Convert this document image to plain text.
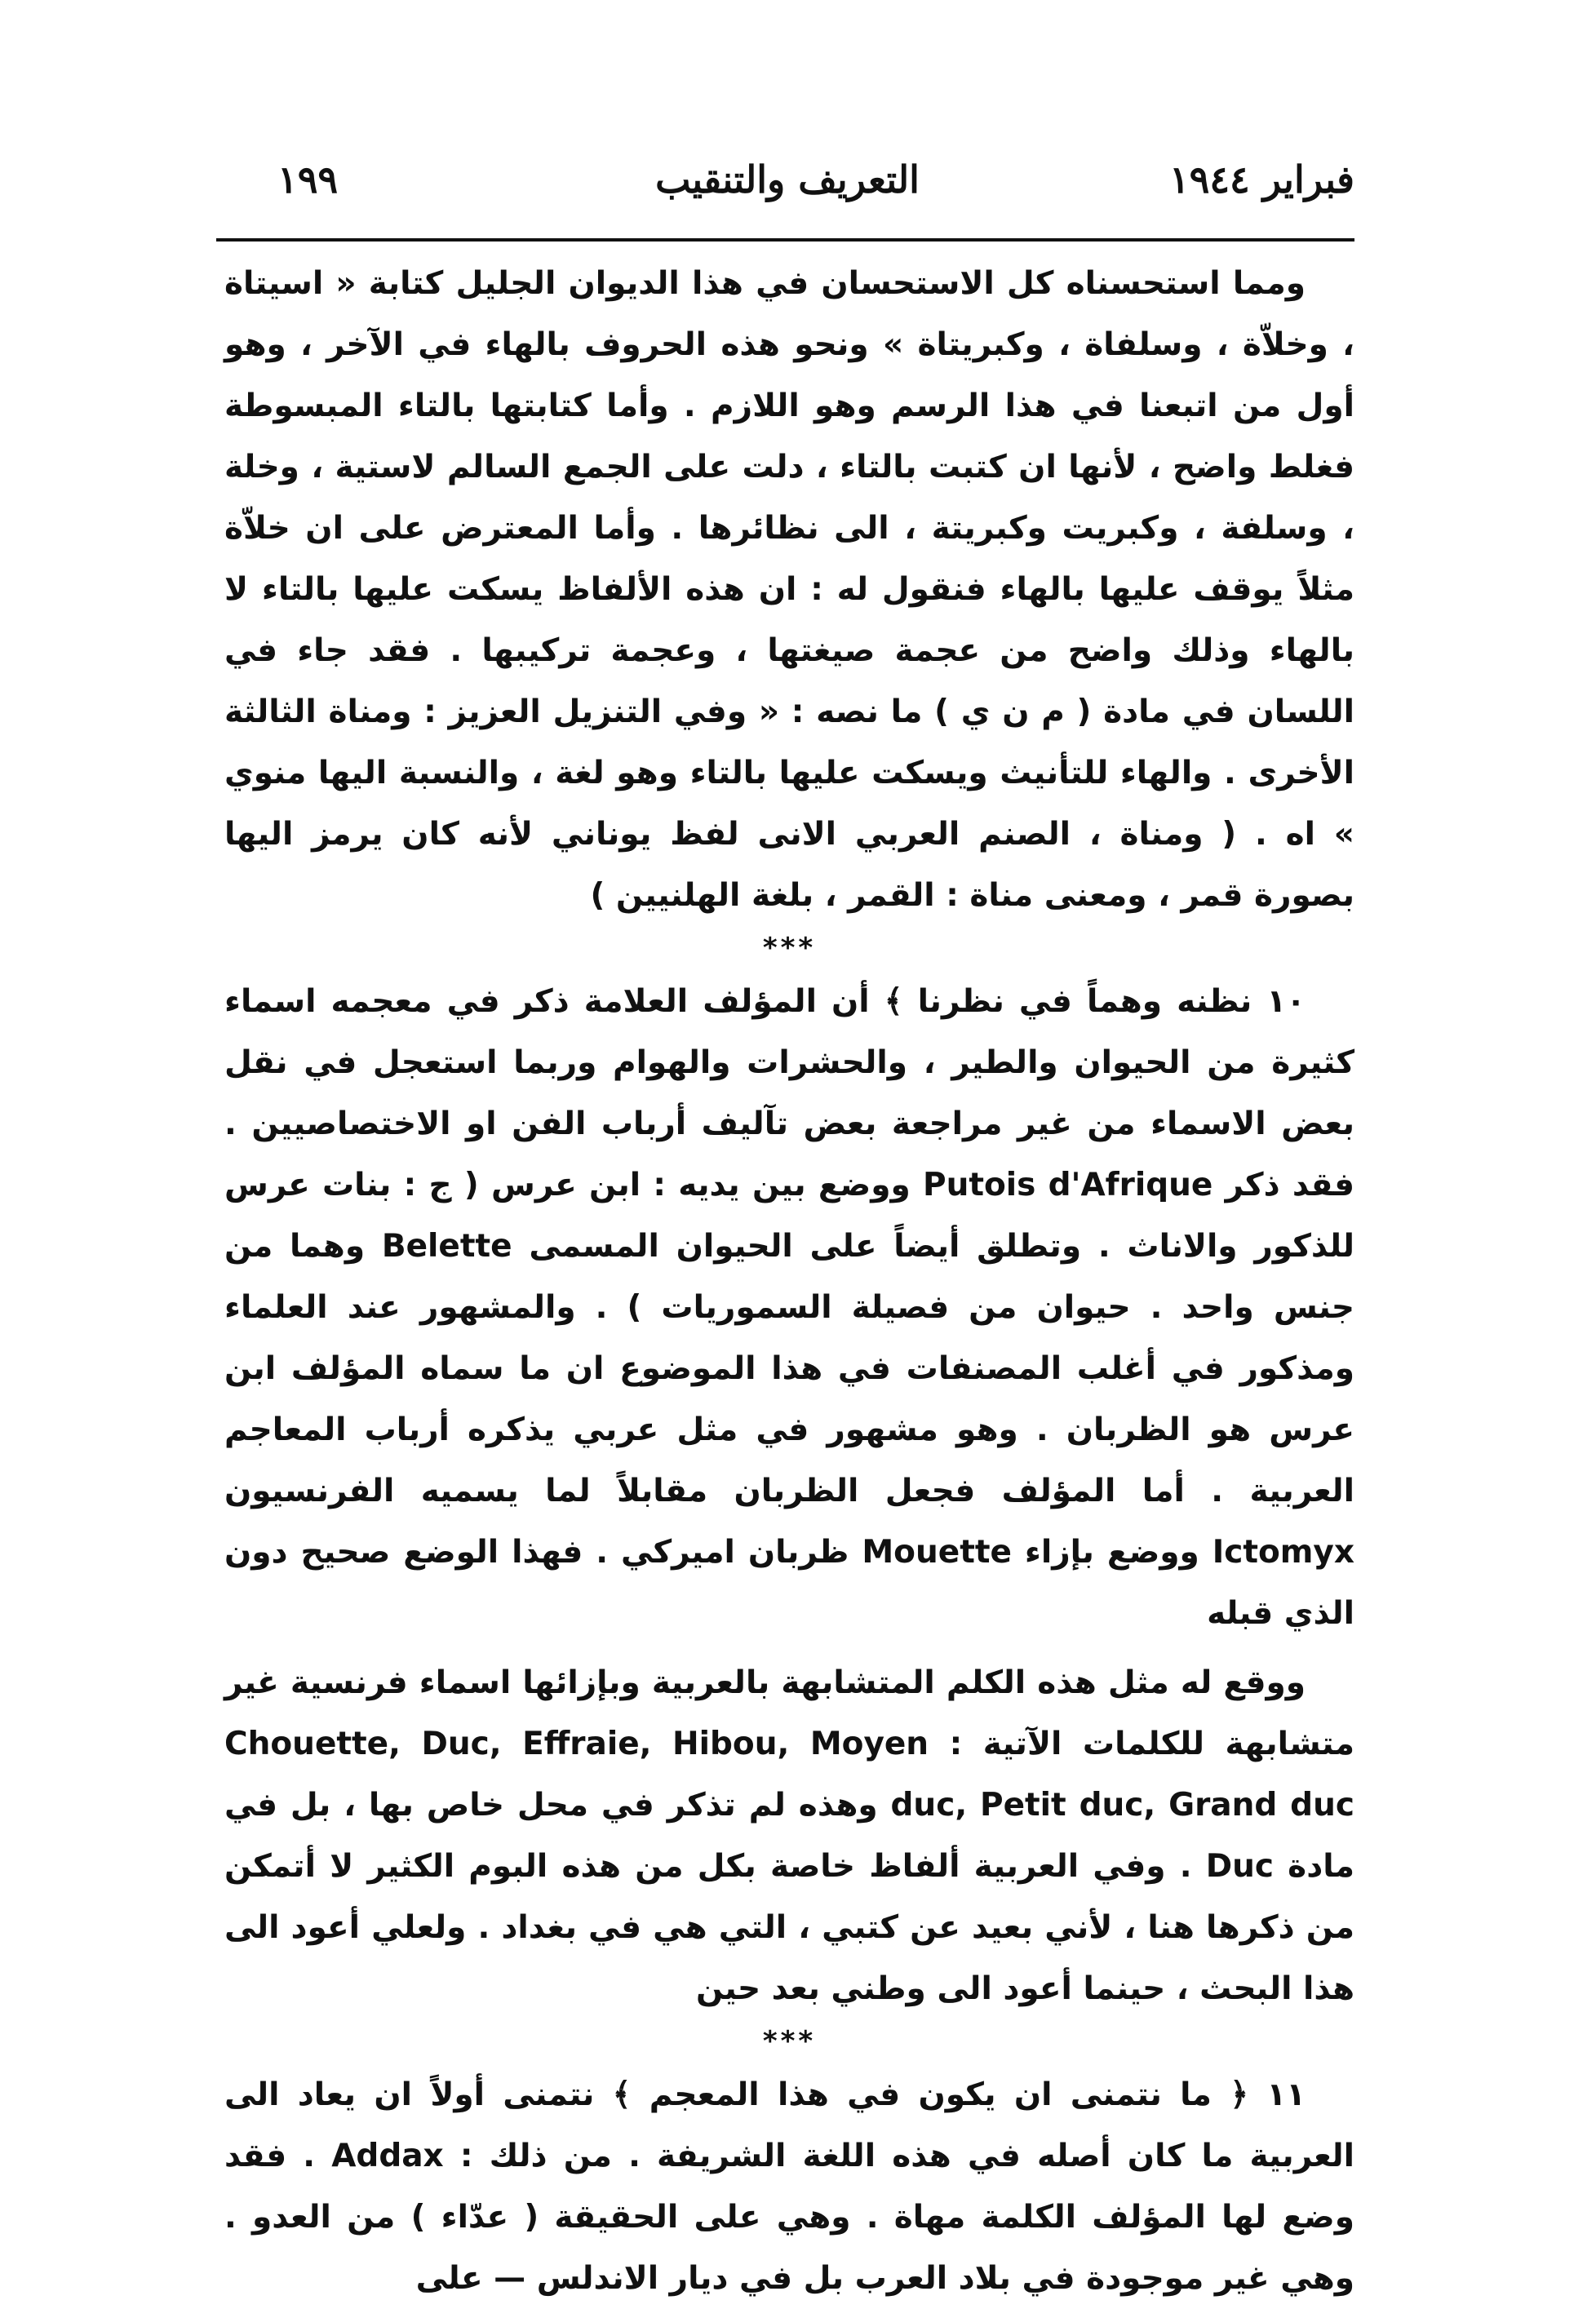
فبراير ١٩٤٤
التعريف والتنقيب
١٩٩

ومما استحسناه كل الاستحسان في هذا الديوان الجليل كتابة « اسيتاة ، وخلاّة ، وسلفاة ، وكبريتاة » ونحو هذه الحروف بالهاء في الآخر ، وهو أول من اتبعنا في هذا الرسم وهو اللازم . وأما كتابتها بالتاء المبسوطة فغلط واضح ، لأنها ان كتبت بالتاء ، دلت على الجمع السالم لاستية ، وخلة ، وسلفة ، وكبريت وكبريتة ، الى نظائرها . وأما المعترض على ان خلاّة مثلاً يوقف عليها بالهاء فنقول له : ان هذه الألفاظ يسكت عليها بالتاء لا بالهاء وذلك واضح من عجمة صيغتها ، وعجمة تركيبها . فقد جاء في اللسان في مادة ( م ن ي ) ما نصه : « وفي التنزيل العزيز : ومناة الثالثة الأخرى . والهاء للتأنيث ويسكت عليها بالتاء وهو لغة ، والنسبة اليها منوي » اه . ( ومناة ، الصنم العربي الانى لفظ يوناني لأنه كان يرمز اليها بصورة قمر ، ومعنى مناة : القمر ، بلغة الهلنيين )

***

١٠ نظنه وهماً في نظرنا ﴾ أن المؤلف العلامة ذكر في معجمه اسماء كثيرة من الحيوان والطير ، والحشرات والهوام وربما استعجل في نقل بعض الاسماء من غير مراجعة بعض تآليف أرباب الفن او الاختصاصيين . فقد ذكر Putois d'Afrique ووضع بين يديه : ابن عرس ( ج : بنات عرس للذكور والاناث . وتطلق أيضاً على الحيوان المسمى Belette وهما من جنس واحد . حيوان من فصيلة السموريات ) . والمشهور عند العلماء ومذكور في أغلب المصنفات في هذا الموضوع ان ما سماه المؤلف ابن عرس هو الظربان . وهو مشهور في مثل عربي يذكره أرباب المعاجم العربية . أما المؤلف فجعل الظربان مقابلاً لما يسميه الفرنسيون Ictomyx ووضع بإزاء Mouette ظربان اميركي . فهذا الوضع صحيح دون الذي قبله

ووقع له مثل هذه الكلم المتشابهة بالعربية وبإزائها اسماء فرنسية غير متشابهة للكلمات الآتية : Chouette, Duc, Effraie, Hibou, Moyen duc, Petit duc, Grand duc وهذه لم تذكر في محل خاص بها ، بل في مادة Duc . وفي العربية ألفاظ خاصة بكل من هذه البوم الكثير لا أتمكن من ذكرها هنا ، لأني بعيد عن كتبي ، التي هي في بغداد . ولعلي أعود الى هذا البحث ، حينما أعود الى وطني بعد حين

***

١١ ﴿ ما نتمنى ان يكون في هذا المعجم ﴾ نتمنى أولاً ان يعاد الى العربية ما كان أصله في هذه اللغة الشريفة . من ذلك : Addax . فقد وضع لها المؤلف الكلمة مهاة . وهي على الحقيقة ( عدّاء ) من العدو . وهي غير موجودة في بلاد العرب بل في ديار الاندلس — على
